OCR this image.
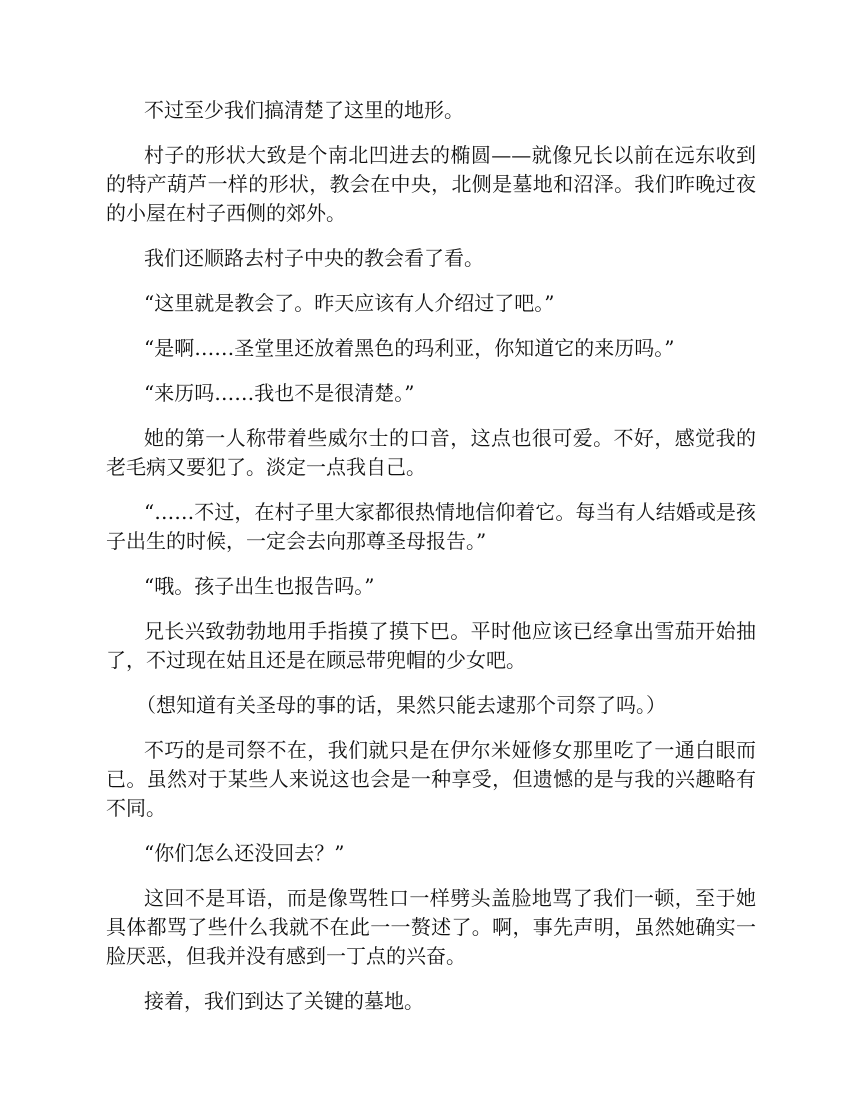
不过至少我们搞清楚了这里的地形。

村子的形状大致是个南北凹进去的椭圆——就像兄长以前在远东收到的特产葫芦一样的形状，教会在中央，北侧是墓地和沼泽。我们昨晚过夜的小屋在村子西侧的郊外。

我们还顺路去村子中央的教会看了看。

“这里就是教会了。昨天应该有人介绍过了吧。”

“是啊……圣堂里还放着黑色的玛利亚，你知道它的来历吗。”

“来历吗……我也不是很清楚。”

她的第一人称带着些威尔士的口音，这点也很可爱。不好，感觉我的老毛病又要犯了。淡定一点我自己。

“……不过，在村子里大家都很热情地信仰着它。每当有人结婚或是孩子出生的时候，一定会去向那尊圣母报告。”

“哦。孩子出生也报告吗。”

兄长兴致勃勃地用手指摸了摸下巴。平时他应该已经拿出雪茄开始抽了，不过现在姑且还是在顾忌带兜帽的少女吧。

（想知道有关圣母的事的话，果然只能去逮那个司祭了吗。）

不巧的是司祭不在，我们就只是在伊尔米娅修女那里吃了一通白眼而已。虽然对于某些人来说这也会是一种享受，但遗憾的是与我的兴趣略有不同。

“你们怎么还没回去？”

这回不是耳语，而是像骂牲口一样劈头盖脸地骂了我们一顿，至于她具体都骂了些什么我就不在此一一赘述了。啊，事先声明，虽然她确实一脸厌恶，但我并没有感到一丁点的兴奋。

接着，我们到达了关键的墓地。
